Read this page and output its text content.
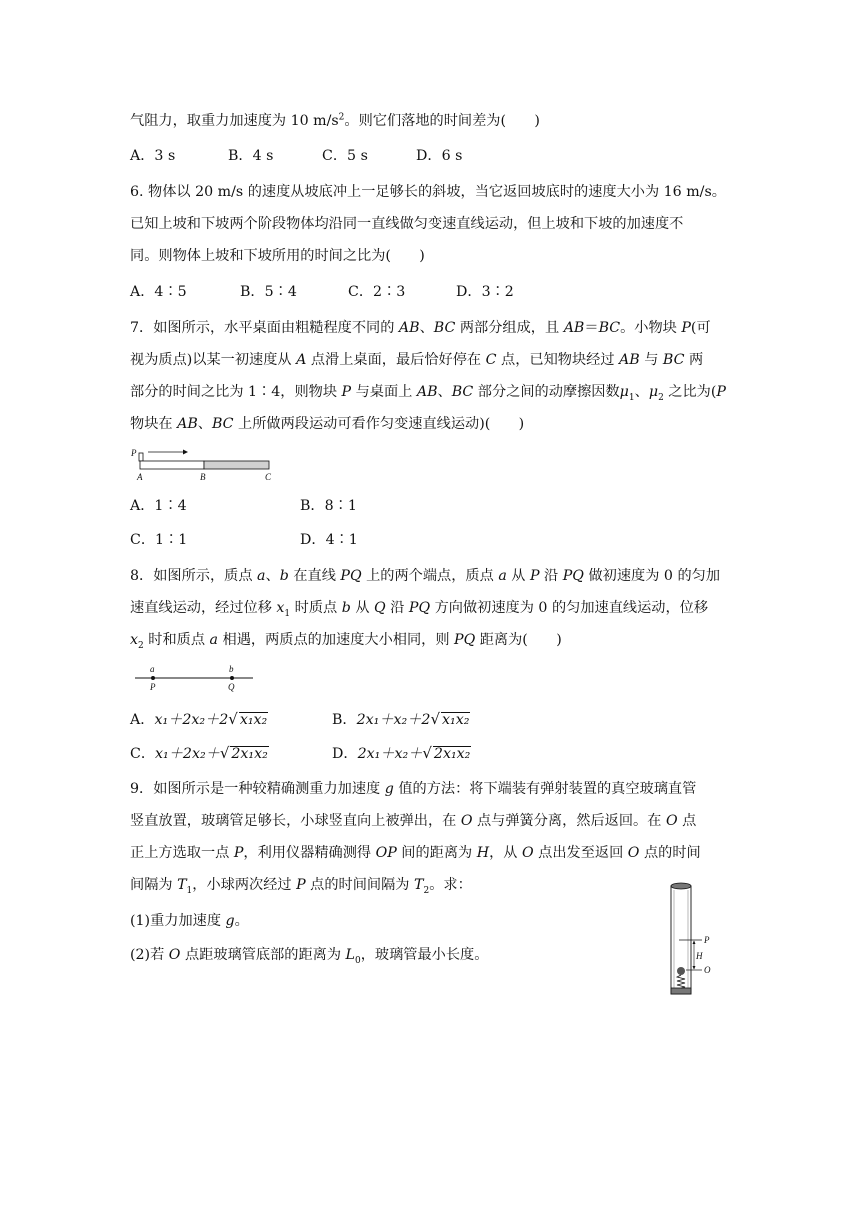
气阻力，取重力加速度为 10 $m/s^2$。则它们落地的时间差为(　　)
A．3 s	B．4 s	C．5 s	D．6 s
6. 物体以 20 m/s 的速度从坡底冲上一足够长的斜坡，当它返回坡底时的速度大小为 16 m/s。
已知上坡和下坡两个阶段物体均沿同一直线做匀变速直线运动，但上坡和下坡的加速度不
同。则物体上坡和下坡所用的时间之比为(　　)
A．4∶5	B．5∶4	C．2∶3	D．3∶2
7．如图所示，水平桌面由粗糙程度不同的 AB、BC 两部分组成，且 AB＝BC。小物块 P(可
视为质点)以某一初速度从 A 点滑上桌面，最后恰好停在 C 点，已知物块经过 AB 与 BC 两
部分的时间之比为 1∶4，则物块 P 与桌面上 AB、BC 部分之间的动摩擦因数$\mu_1$、$\mu_2$ 之比为(P
物块在 AB、BC 上所做两段运动可看作匀变速直线运动)(　　)
P
A	B	C
A．1∶4	B．8∶1
C．1∶1	D．4∶1
8．如图所示，质点 a、b 在直线 PQ 上的两个端点，质点 a 从 P 沿 PQ 做初速度为 0 的匀加
速直线运动，经过位移 $x_1$ 时质点 b 从 Q 沿 PQ 方向做初速度为 0 的匀加速直线运动，位移
$x_2$ 时和质点 a 相遇，两质点的加速度大小相同，则 PQ 距离为(　　)
a	b
P	Q
A．x₁＋2x₂＋2√ x₁x₂	B．2x₁＋x₂＋2√ x₁x₂
C．x₁＋2x₂＋√ 2x₁x₂	D．2x₁＋x₂＋√ 2x₁x₂
9．如图所示是一种较精确测重力加速度 g 值的方法：将下端装有弹射装置的真空玻璃直管
竖直放置，玻璃管足够长，小球竖直向上被弹出，在 O 点与弹簧分离，然后返回。在 O 点
正上方选取一点 P，利用仪器精确测得 OP 间的距离为 H，从 O 点出发至返回 O 点的时间
间隔为 $T_1$，小球两次经过 P 点的时间间隔为 $T_2$。求：
(1)重力加速度 g。
(2)若 O 点距玻璃管底部的距离为 $L_0$，玻璃管最小长度。
P
H
O
